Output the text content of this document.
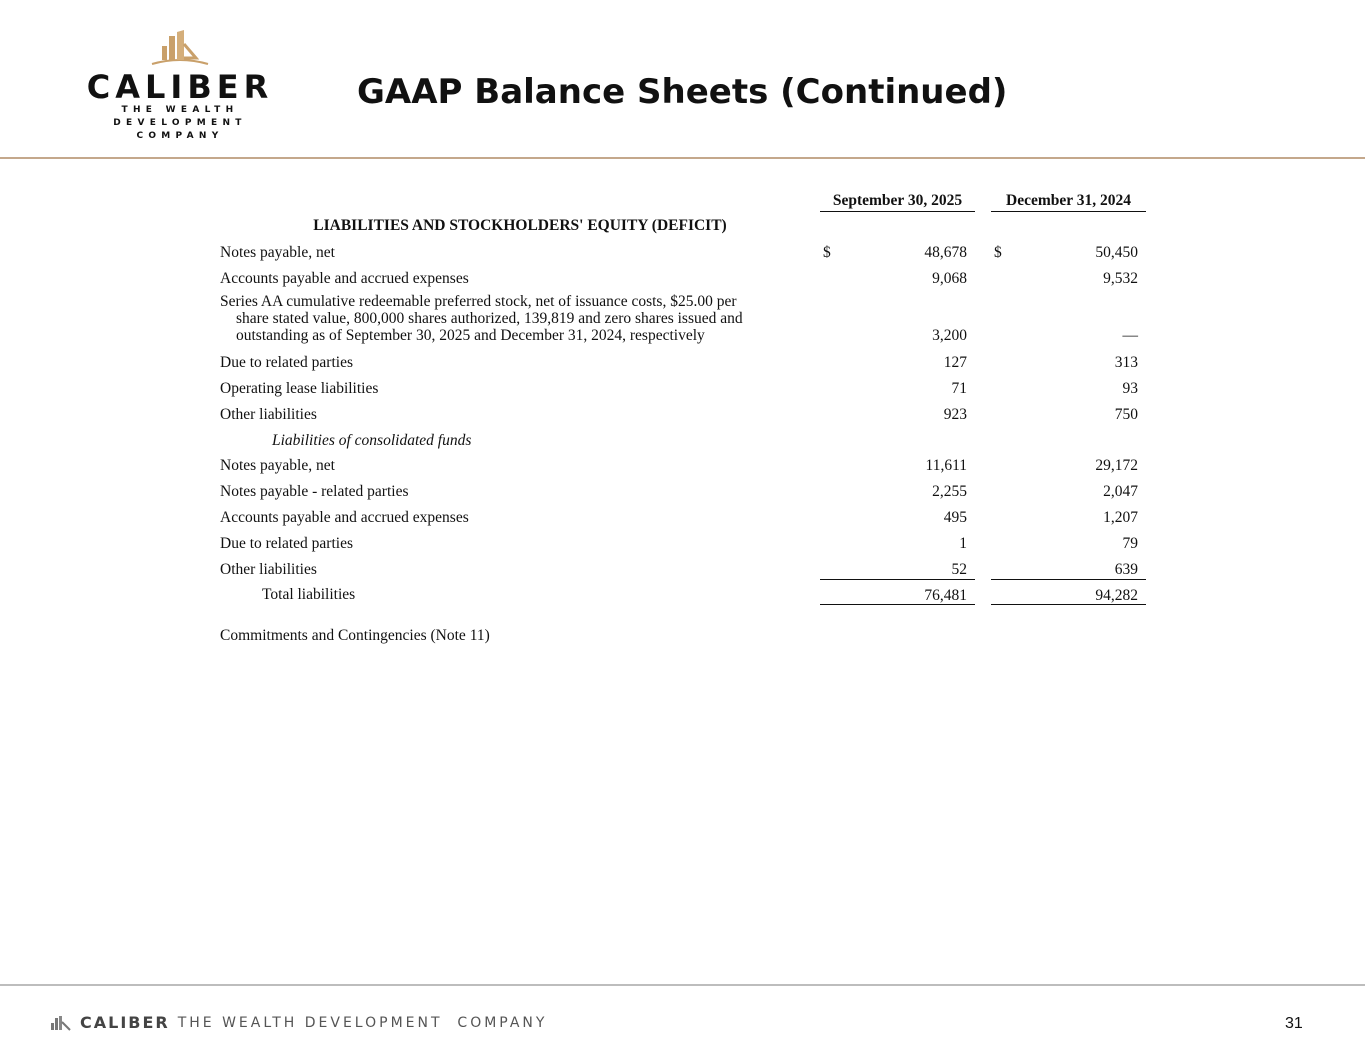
CALIBER
THE WEALTH DEVELOPMENT
COMPANY
GAAP Balance Sheets (Continued)
September 30, 2025	December 31, 2024
LIABILITIES AND STOCKHOLDERS' EQUITY (DEFICIT)
Notes payable, net	$	48,678 $	50,450
Accounts payable and accrued expenses	9,068	9,532
Series AA cumulative redeemable preferred stock, net of issuance costs, $25.00 per
share stated value, 800,000 shares authorized, 139,819 and zero shares issued and
outstanding as of September 30, 2025 and December 31, 2024, respectively	3,200	—
Due to related parties	127	313
Operating lease liabilities	71	93
Other liabilities	923	750
Liabilities of consolidated funds
Notes payable, net	11,611	29,172
Notes payable - related parties	2,255	2,047
Accounts payable and accrued expenses	495	1,207
Due to related parties	1	79
Other liabilities	52	639
Total liabilities	76,481	94,282
Commitments and Contingencies (Note 11)
CALIBER THE WEALTH DEVELOPMENT  COMPANY	31
